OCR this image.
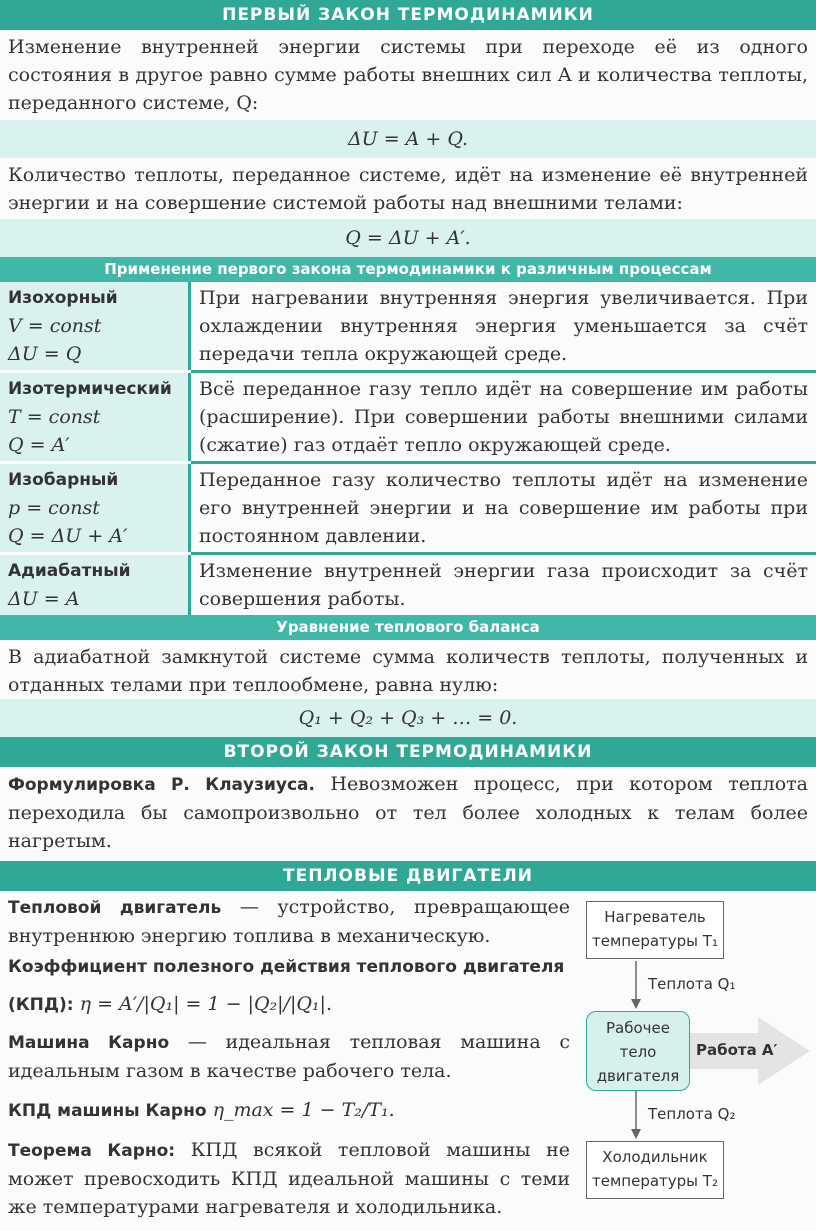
ПЕРВЫЙ ЗАКОН ТЕРМОДИНАМИКИ
Изменение внутренней энергии системы при переходе её из одного состояния в другое равно сумме работы внешних сил A и количества теплоты, переданного системе, Q:
ΔU = A + Q.
Количество теплоты, переданное системе, идёт на изменение её внутренней энергии и на совершение системой работы над внешними телами:
Q = ΔU + A′.
Применение первого закона термодинамики к различным процессам
Изохорный
V = const
ΔU = Q	При нагревании внутренняя энергия увеличивается. При охлаждении внутренняя энергия уменьшается за счёт передачи тепла окружающей среде.

Изотермический
T = const
Q = A′	Всё переданное газу тепло идёт на совершение им работы (расширение). При совершении работы внешними силами (сжатие) газ отдаёт тепло окружающей среде.

Изобарный
p = const
Q = ΔU + A′	Переданное газу количество теплоты идёт на изменение его внутренней энергии и на совершение им работы при постоянном давлении.

Адиабатный
ΔU = A	Изменение внутренней энергии газа происходит за счёт совершения работы.
Уравнение теплового баланса
В адиабатной замкнутой системе сумма количеств теплоты, полученных и отданных телами при теплообмене, равна нулю:
Q₁ + Q₂ + Q₃ + … = 0.
ВТОРОЙ ЗАКОН ТЕРМОДИНАМИКИ
Формулировка Р. Клаузиуса. Невозможен процесс, при котором теплота переходила бы самопроизвольно от тел более холодных к телам более нагретым.
ТЕПЛОВЫЕ ДВИГАТЕЛИ
Тепловой двигатель — устройство, превращающее внутреннюю энергию топлива в механическую.
Коэффициент полезного действия теплового двигателя
(КПД): η = A′/|Q₁| = 1 − |Q₂|/|Q₁|.
Машина Карно — идеальная тепловая машина с идеальным газом в качестве рабочего тела.
КПД машины Карно η_max = 1 − T₂/T₁.
Теорема Карно: КПД всякой тепловой машины не может превосходить КПД идеальной машины с теми же температурами нагревателя и холодильника.
Нагреватель
температуры T₁
Теплота Q₁
Рабочее
тело
двигателя
Работа A′
Теплота Q₂
Холодильник
температуры T₂
